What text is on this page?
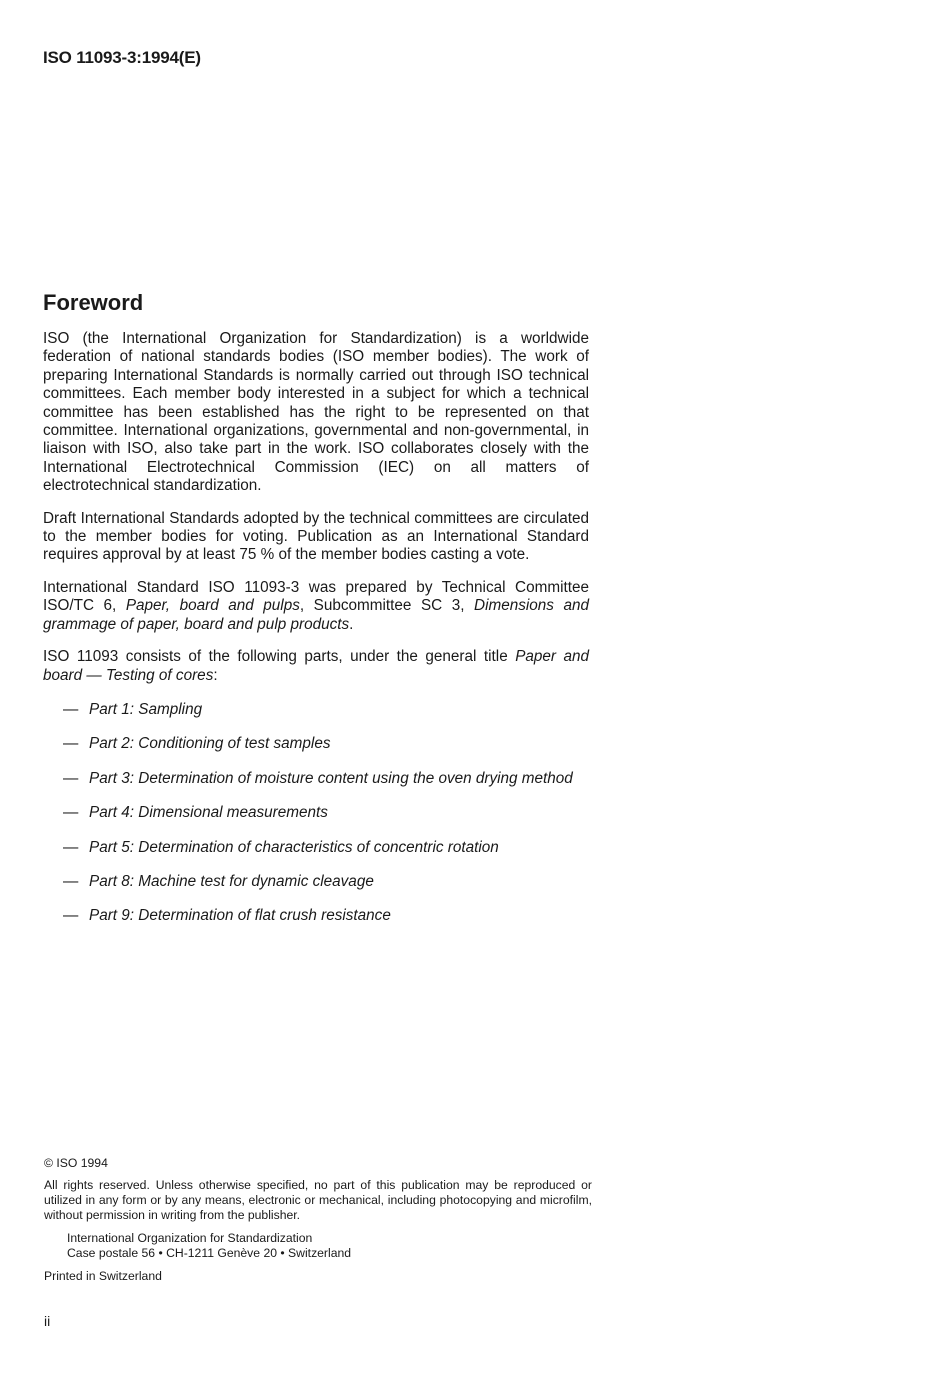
ISO 11093-3:1994(E)
Foreword

ISO (the International Organization for Standardization) is a worldwide federation of national standards bodies (ISO member bodies). The work of preparing International Standards is normally carried out through ISO technical committees. Each member body interested in a subject for which a technical committee has been established has the right to be represented on that committee. International organizations, governmental and non-governmental, in liaison with ISO, also take part in the work. ISO collaborates closely with the International Electrotechnical Commission (IEC) on all matters of electrotechnical standardization.

Draft International Standards adopted by the technical committees are circulated to the member bodies for voting. Publication as an International Standard requires approval by at least 75 % of the member bodies casting a vote.

International Standard ISO 11093-3 was prepared by Technical Committee ISO/TC 6, Paper, board and pulps, Subcommittee SC 3, Dimensions and grammage of paper, board and pulp products.

ISO 11093 consists of the following parts, under the general title Paper and board — Testing of cores:

— Part 1: Sampling
— Part 2: Conditioning of test samples
— Part 3: Determination of moisture content using the oven drying method
— Part 4: Dimensional measurements
— Part 5: Determination of characteristics of concentric rotation
— Part 8: Machine test for dynamic cleavage
— Part 9: Determination of flat crush resistance

© ISO 1994

All rights reserved. Unless otherwise specified, no part of this publication may be reproduced or utilized in any form or by any means, electronic or mechanical, including photocopying and microfilm, without permission in writing from the publisher.

International Organization for Standardization

Case postale 56 • CH-1211 Genève 20 • Switzerland

Printed in Switzerland

ii
